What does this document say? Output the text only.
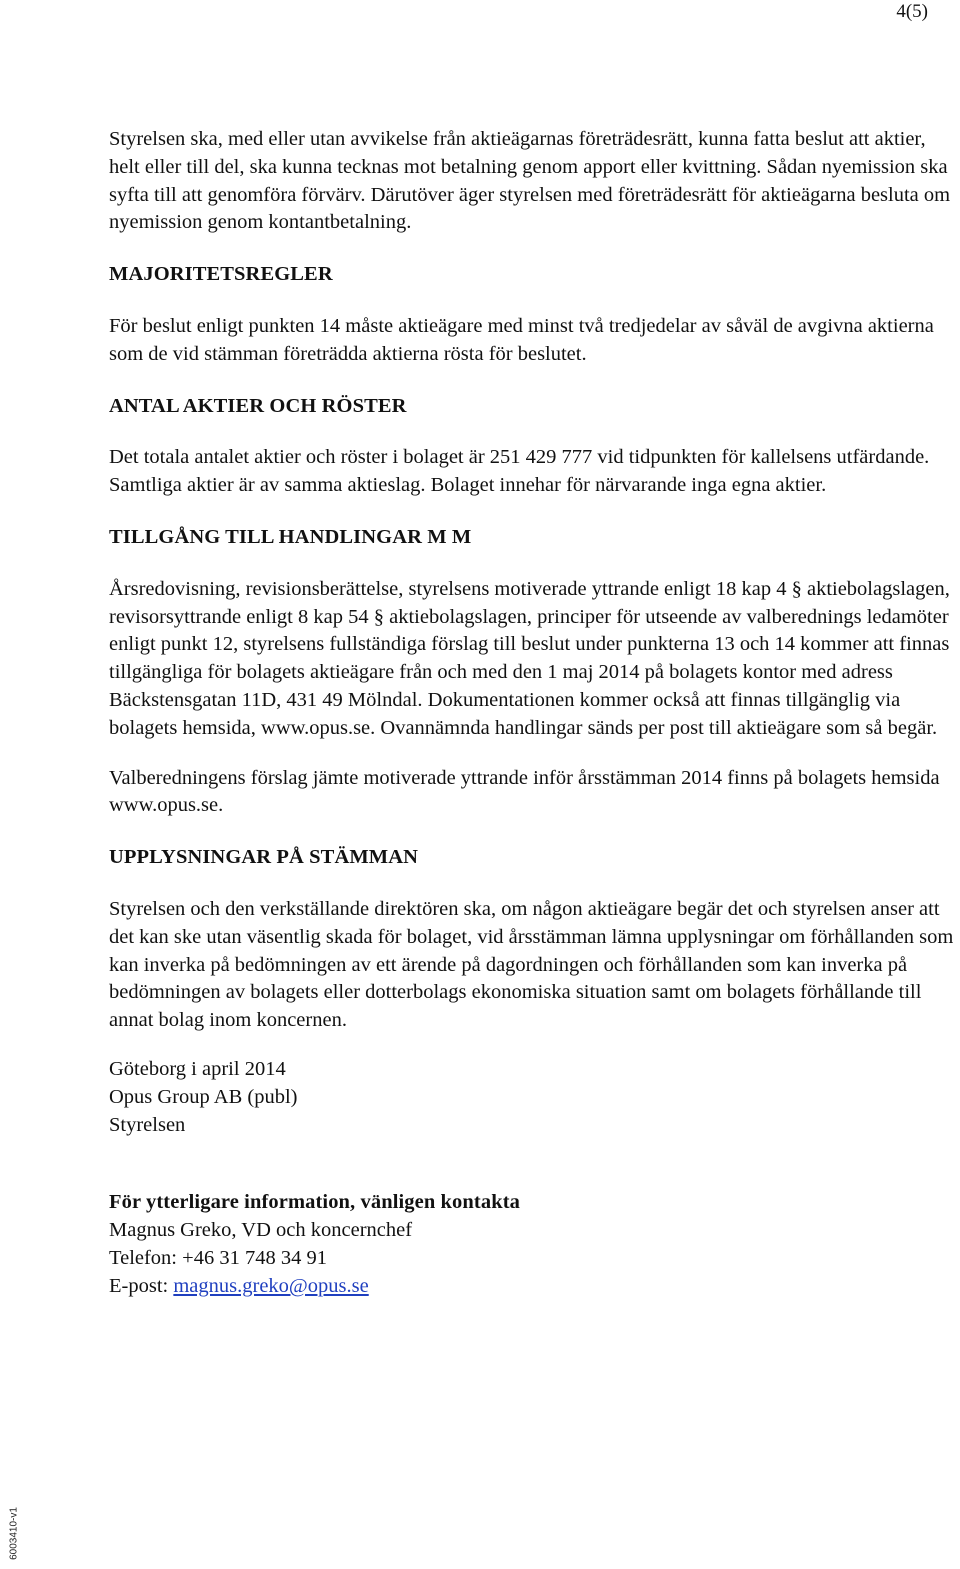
4(5)

Styrelsen ska, med eller utan avvikelse från aktieägarnas företrädesrätt, kunna fatta beslut att aktier, helt eller till del, ska kunna tecknas mot betalning genom apport eller kvittning. Sådan nyemission ska syfta till att genomföra förvärv. Därutöver äger styrelsen med företrädesrätt för aktieägarna besluta om nyemission genom kontantbetalning.

MAJORITETSREGLER

För beslut enligt punkten 14 måste aktieägare med minst två tredjedelar av såväl de avgivna aktierna som de vid stämman företrädda aktierna rösta för beslutet.

ANTAL AKTIER OCH RÖSTER

Det totala antalet aktier och röster i bolaget är 251 429 777 vid tidpunkten för kallelsens utfärdande. Samtliga aktier är av samma aktieslag. Bolaget innehar för närvarande inga egna aktier.

TILLGÅNG TILL HANDLINGAR M M

Årsredovisning, revisionsberättelse, styrelsens motiverade yttrande enligt 18 kap 4 § aktiebolagslagen, revisorsyttrande enligt 8 kap 54 § aktiebolagslagen, principer för utseende av valberednings ledamöter enligt punkt 12, styrelsens fullständiga förslag till beslut under punkterna 13 och 14 kommer att finnas tillgängliga för bolagets aktieägare från och med den 1 maj 2014 på bolagets kontor med adress Bäckstensgatan 11D, 431 49 Mölndal. Dokumentationen kommer också att finnas tillgänglig via bolagets hemsida, www.opus.se. Ovannämnda handlingar sänds per post till aktieägare som så begär.

Valberedningens förslag jämte motiverade yttrande inför årsstämman 2014 finns på bolagets hemsida www.opus.se.

UPPLYSNINGAR PÅ STÄMMAN

Styrelsen och den verkställande direktören ska, om någon aktieägare begär det och styrelsen anser att det kan ske utan väsentlig skada för bolaget, vid årsstämman lämna upplysningar om förhållanden som kan inverka på bedömningen av ett ärende på dagordningen och förhållanden som kan inverka på bedömningen av bolagets eller dotterbolags ekonomiska situation samt om bolagets förhållande till annat bolag inom koncernen.

Göteborg i april 2014

Opus Group AB (publ)

Styrelsen

För ytterligare information, vänligen kontakta

Magnus Greko, VD och koncernchef

Telefon: +46 31 748 34 91

E-post: magnus.greko@opus.se

6003410-v1
